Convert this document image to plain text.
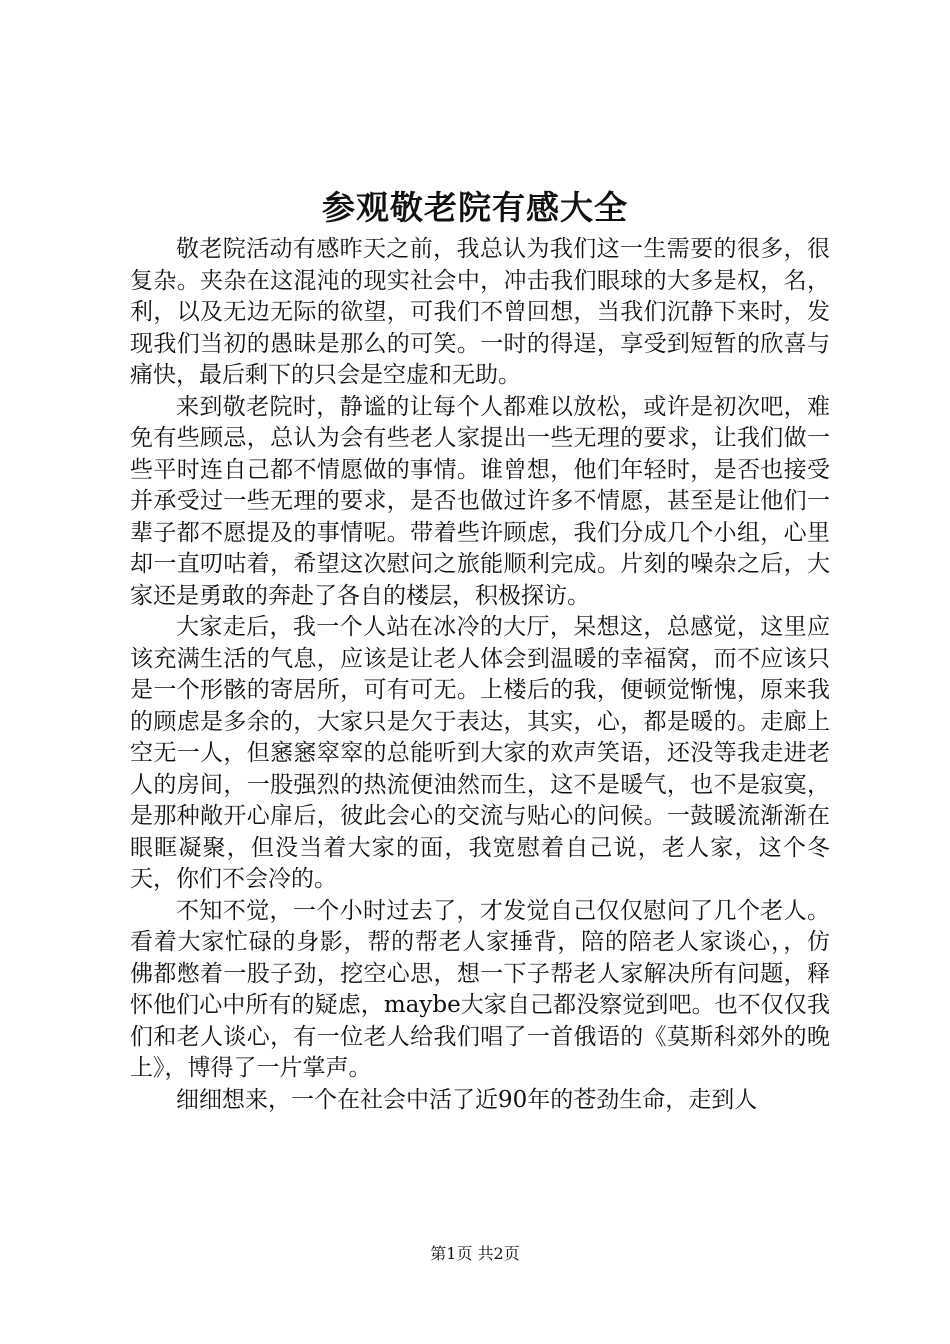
参观敬老院有感大全

敬老院活动有感昨天之前，我总认为我们这一生需要的很多，很复杂。夹杂在这混沌的现实社会中，冲击我们眼球的大多是权，名，利，以及无边无际的欲望，可我们不曾回想，当我们沉静下来时，发现我们当初的愚昧是那么的可笑。一时的得逞，享受到短暂的欣喜与痛快，最后剩下的只会是空虚和无助。

来到敬老院时，静谧的让每个人都难以放松，或许是初次吧，难免有些顾忌，总认为会有些老人家提出一些无理的要求，让我们做一些平时连自己都不情愿做的事情。谁曾想，他们年轻时，是否也接受并承受过一些无理的要求，是否也做过许多不情愿，甚至是让他们一辈子都不愿提及的事情呢。带着些许顾虑，我们分成几个小组，心里却一直叨咕着，希望这次慰问之旅能顺利完成。片刻的噪杂之后，大家还是勇敢的奔赴了各自的楼层，积极探访。

大家走后，我一个人站在冰冷的大厅，呆想这，总感觉，这里应该充满生活的气息，应该是让老人体会到温暖的幸福窝，而不应该只是一个形骸的寄居所，可有可无。上楼后的我，便顿觉惭愧，原来我的顾虑是多余的，大家只是欠于表达，其实，心，都是暖的。走廊上空无一人，但窸窸窣窣的总能听到大家的欢声笑语，还没等我走进老人的房间，一股强烈的热流便油然而生，这不是暖气，也不是寂寞，是那种敞开心扉后，彼此会心的交流与贴心的问候。一鼓暖流渐渐在眼眶凝聚，但没当着大家的面，我宽慰着自己说，老人家，这个冬天，你们不会冷的。

不知不觉，一个小时过去了，才发觉自己仅仅慰问了几个老人。看着大家忙碌的身影，帮的帮老人家捶背，陪的陪老人家谈心，，仿佛都憋着一股子劲，挖空心思，想一下子帮老人家解决所有问题，释怀他们心中所有的疑虑，maybe大家自己都没察觉到吧。也不仅仅我们和老人谈心，有一位老人给我们唱了一首俄语的《莫斯科郊外的晚上》，博得了一片掌声。

细细想来，一个在社会中活了近90年的苍劲生命，走到人

第1页 共2页
